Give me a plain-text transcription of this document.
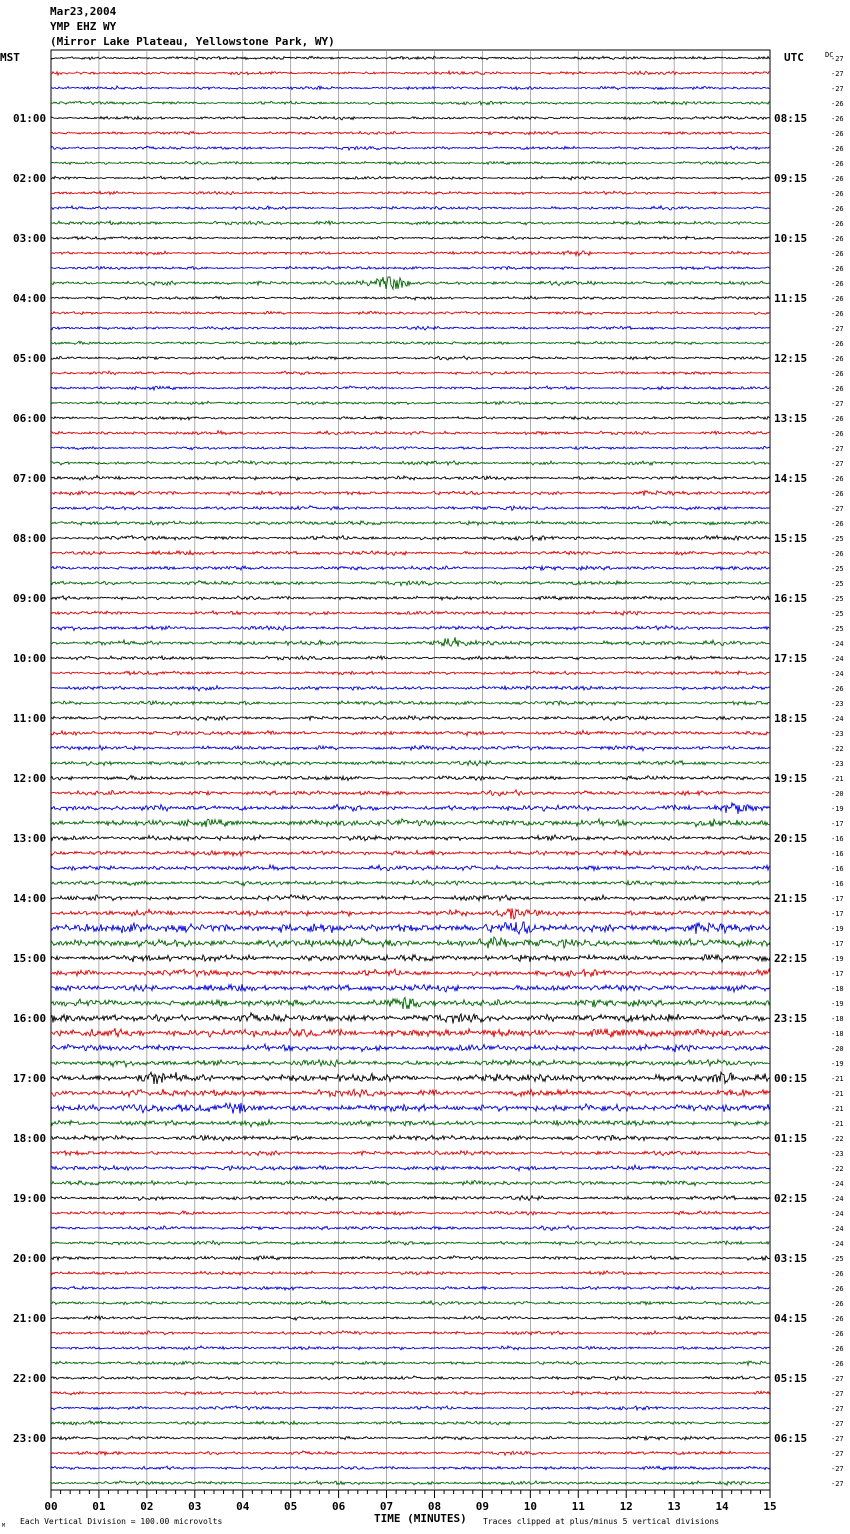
Mar23,2004
YMP EHZ WY
(Mirror Lake Plateau, Yellowstone Park, WY)
MST	UTC	DC
01:00
02:00
03:00
04:00
05:00
06:00
07:00
08:00
09:00
10:00
11:00
12:00
13:00
14:00
15:00
16:00
17:00
18:00
19:00
20:00
21:00
22:00
23:00
08:15
09:15
10:15
11:15
12:15
13:15
14:15
15:15
16:15
17:15
18:15
19:15
20:15
21:15
22:15
23:15
00:15
01:15
02:15
03:15
04:15
05:15
06:15
-27
-27
-27
-26
-26
-26
-26
-26
-26
-26
-26
-26
-26
-26
-26
-26
-26
-26
-27
-26
-26
-26
-26
-27
-26
-26
-27
-27
-26
-26
-27
-26
-25
-26
-25
-25
-25
-25
-25
-24
-24
-24
-26
-23
-24
-23
-22
-23
-21
-20
-19
-17
-16
-16
-16
-16
-17
-17
-19
-17
-19
-17
-18
-19
-18
-18
-20
-19
-21
-21
-21
-21
-22
-23
-22
-24
-24
-24
-24
-24
-25
-26
-26
-26
-26
-26
-26
-26
-27
-27
-27
-27
-27
-27
-27
-27
00	01	02	03	04	05	06	07	08	09	10	11	12	13	14	15
TIME (MINUTES)
Each Vertical Division = 100.00 microvolts	Traces clipped at plus/minus 5 vertical divisions
M
